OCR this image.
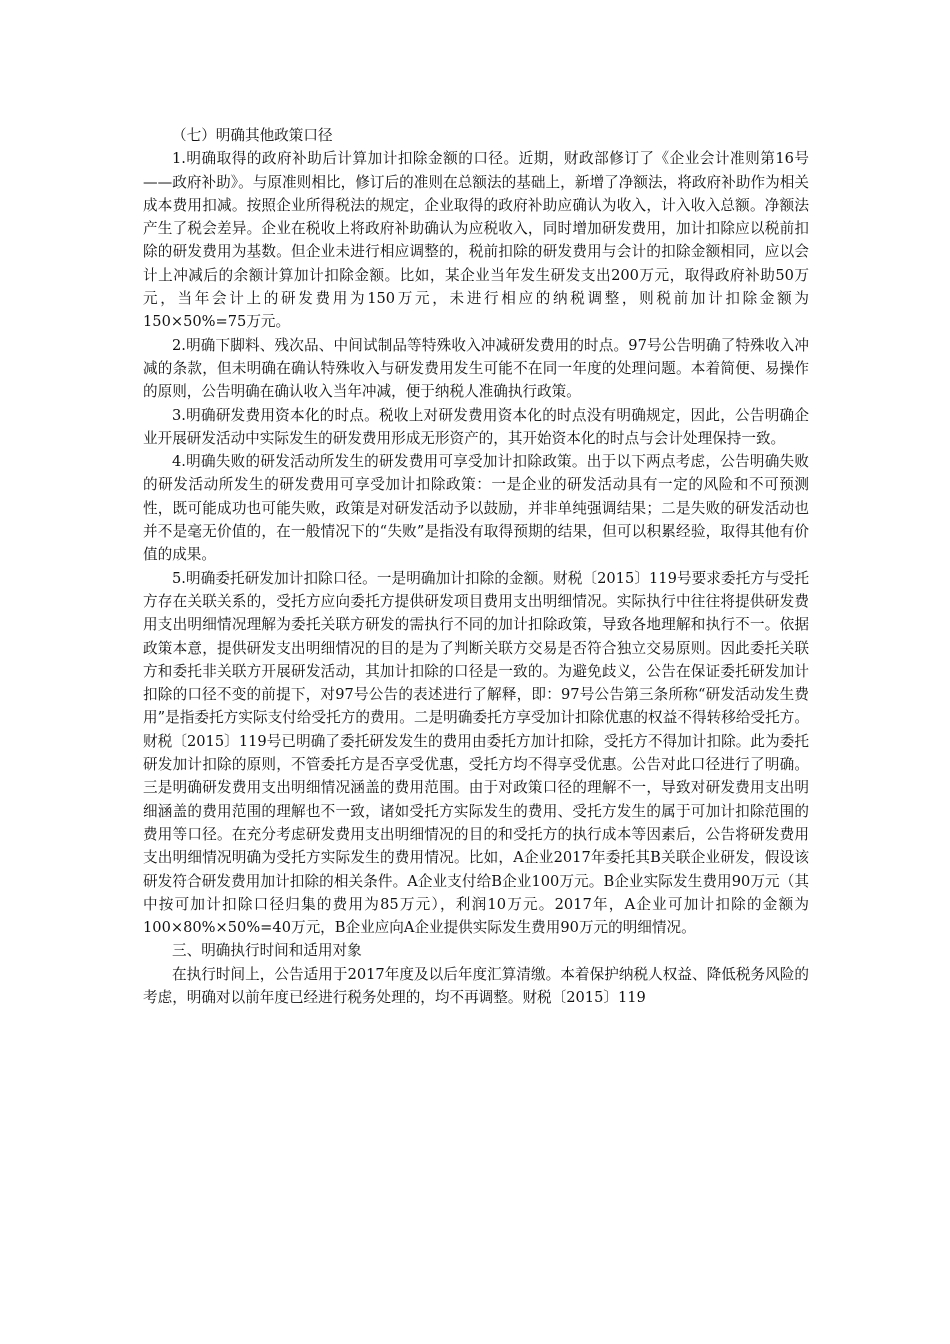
（七）明确其他政策口径

1.明确取得的政府补助后计算加计扣除金额的口径。近期，财政部修订了《企业会计准则第16号——政府补助》。与原准则相比，修订后的准则在总额法的基础上，新增了净额法，将政府补助作为相关成本费用扣减。按照企业所得税法的规定，企业取得的政府补助应确认为收入，计入收入总额。净额法产生了税会差异。企业在税收上将政府补助确认为应税收入，同时增加研发费用，加计扣除应以税前扣除的研发费用为基数。但企业未进行相应调整的，税前扣除的研发费用与会计的扣除金额相同，应以会计上冲减后的余额计算加计扣除金额。比如，某企业当年发生研发支出200万元，取得政府补助50万元，当年会计上的研发费用为150万元，未进行相应的纳税调整，则税前加计扣除金额为150×50%=75万元。

2.明确下脚料、残次品、中间试制品等特殊收入冲减研发费用的时点。97号公告明确了特殊收入冲减的条款，但未明确在确认特殊收入与研发费用发生可能不在同一年度的处理问题。本着简便、易操作的原则，公告明确在确认收入当年冲减，便于纳税人准确执行政策。

3.明确研发费用资本化的时点。税收上对研发费用资本化的时点没有明确规定，因此，公告明确企业开展研发活动中实际发生的研发费用形成无形资产的，其开始资本化的时点与会计处理保持一致。

4.明确失败的研发活动所发生的研发费用可享受加计扣除政策。出于以下两点考虑，公告明确失败的研发活动所发生的研发费用可享受加计扣除政策：一是企业的研发活动具有一定的风险和不可预测性，既可能成功也可能失败，政策是对研发活动予以鼓励，并非单纯强调结果；二是失败的研发活动也并不是毫无价值的，在一般情况下的“失败”是指没有取得预期的结果，但可以积累经验，取得其他有价值的成果。

5.明确委托研发加计扣除口径。一是明确加计扣除的金额。财税〔2015〕119号要求委托方与受托方存在关联关系的，受托方应向委托方提供研发项目费用支出明细情况。实际执行中往往将提供研发费用支出明细情况理解为委托关联方研发的需执行不同的加计扣除政策，导致各地理解和执行不一。依据政策本意，提供研发支出明细情况的目的是为了判断关联方交易是否符合独立交易原则。因此委托关联方和委托非关联方开展研发活动，其加计扣除的口径是一致的。为避免歧义，公告在保证委托研发加计扣除的口径不变的前提下，对97号公告的表述进行了解释，即：97号公告第三条所称“研发活动发生费用”是指委托方实际支付给受托方的费用。二是明确委托方享受加计扣除优惠的权益不得转移给受托方。财税〔2015〕119号已明确了委托研发发生的费用由委托方加计扣除，受托方不得加计扣除。此为委托研发加计扣除的原则，不管委托方是否享受优惠，受托方均不得享受优惠。公告对此口径进行了明确。三是明确研发费用支出明细情况涵盖的费用范围。由于对政策口径的理解不一，导致对研发费用支出明细涵盖的费用范围的理解也不一致，诸如受托方实际发生的费用、受托方发生的属于可加计扣除范围的费用等口径。在充分考虑研发费用支出明细情况的目的和受托方的执行成本等因素后，公告将研发费用支出明细情况明确为受托方实际发生的费用情况。比如，A企业2017年委托其B关联企业研发，假设该研发符合研发费用加计扣除的相关条件。A企业支付给B企业100万元。B企业实际发生费用90万元（其中按可加计扣除口径归集的费用为85万元），利润10万元。2017年，A企业可加计扣除的金额为100×80%×50%=40万元，B企业应向A企业提供实际发生费用90万元的明细情况。

三、明确执行时间和适用对象

在执行时间上，公告适用于2017年度及以后年度汇算清缴。本着保护纳税人权益、降低税务风险的考虑，明确对以前年度已经进行税务处理的，均不再调整。财税〔2015〕119
